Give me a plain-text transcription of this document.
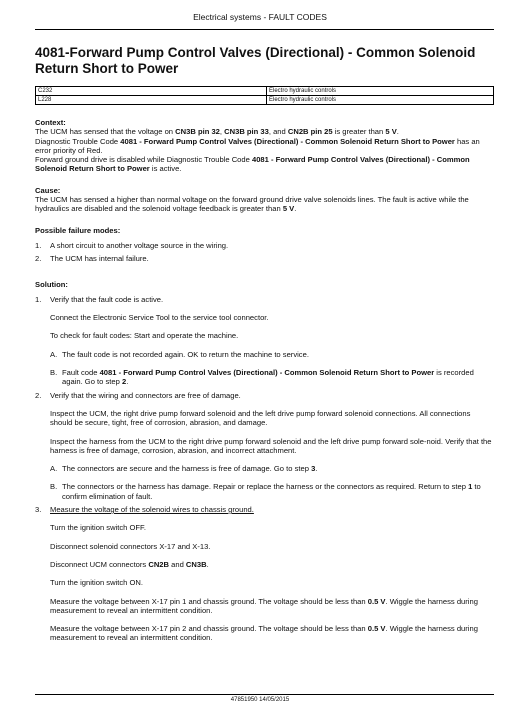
Electrical systems - FAULT CODES
4081-Forward Pump Control Valves (Directional) - Common Solenoid Return Short to Power
C232	Electro hydraulic controls
L228	Electro hydraulic controls

Context:

The UCM has sensed that the voltage on CN3B pin 32, CN3B pin 33, and CN2B pin 25 is greater than 5 V.

Diagnostic Trouble Code 4081 - Forward Pump Control Valves (Directional) - Common Solenoid Return Short to Power has an error priority of Red.

Forward ground drive is disabled while Diagnostic Trouble Code 4081 - Forward Pump Control Valves (Directional) - Common Solenoid Return Short to Power is active.

Cause:

The UCM has sensed a higher than normal voltage on the forward ground drive valve solenoids lines. The fault is active while the hydraulics are disabled and the solenoid voltage feedback is greater than 5 V.

Possible failure modes:

1. A short circuit to another voltage source in the wiring.
2. The UCM has internal failure.

Solution:

1. Verify that the fault code is active.

Connect the Electronic Service Tool to the service tool connector.

To check for fault codes: Start and operate the machine.

A. The fault code is not recorded again. OK to return the machine to service.
B. Fault code 4081 - Forward Pump Control Valves (Directional) - Common Solenoid Return Short to Power is recorded again. Go to step 2.
2. Verify that the wiring and connectors are free of damage.

Inspect the UCM, the right drive pump forward solenoid and the left drive pump forward solenoid connections. All connections should be secure, tight, free of corrosion, abrasion, and damage.

Inspect the harness from the UCM to the right drive pump forward solenoid and the left drive pump forward sole-noid. Verify that the harness is free of damage, corrosion, abrasion, and incorrect attachment.

A. The connectors are secure and the harness is free of damage. Go to step 3.
B. The connectors or the harness has damage. Repair or replace the harness or the connectors as required. Return to step 1 to confirm elimination of fault.
3. Measure the voltage of the solenoid wires to chassis ground.

Turn the ignition switch OFF.

Disconnect solenoid connectors X-17 and X-13.

Disconnect UCM connectors CN2B and CN3B.

Turn the ignition switch ON.

Measure the voltage between X-17 pin 1 and chassis ground. The voltage should be less than 0.5 V. Wiggle the harness during measurement to reveal an intermittent condition.

Measure the voltage between X-17 pin 2 and chassis ground. The voltage should be less than 0.5 V. Wiggle the harness during measurement to reveal an intermittent condition.

47851950 14/05/2015
